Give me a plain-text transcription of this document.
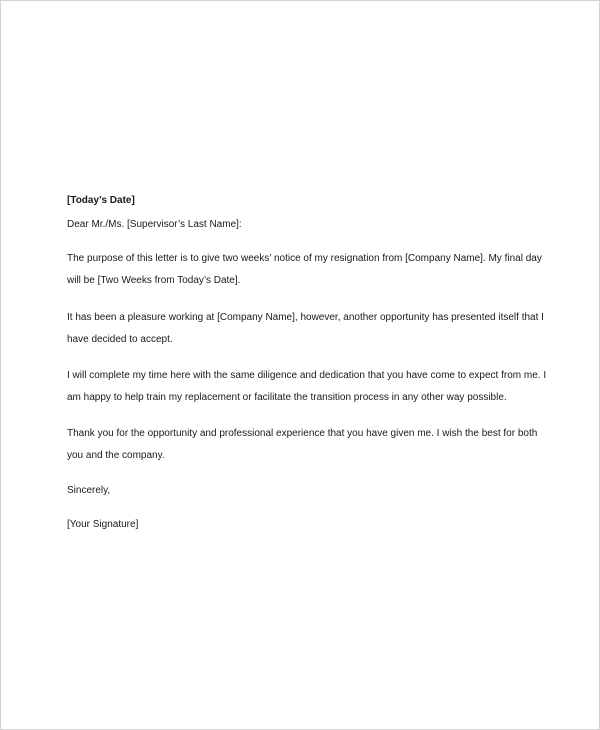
[Today’s Date]
Dear Mr./Ms. [Supervisor’s Last Name]:
The purpose of this letter is to give two weeks’ notice of my resignation from [Company Name]. My final day
will be [Two Weeks from Today’s Date].
It has been a pleasure working at [Company Name], however, another opportunity has presented itself that I
have decided to accept.
I will complete my time here with the same diligence and dedication that you have come to expect from me. I
am happy to help train my replacement or facilitate the transition process in any other way possible.
Thank you for the opportunity and professional experience that you have given me. I wish the best for both
you and the company.
Sincerely,
[Your Signature]
